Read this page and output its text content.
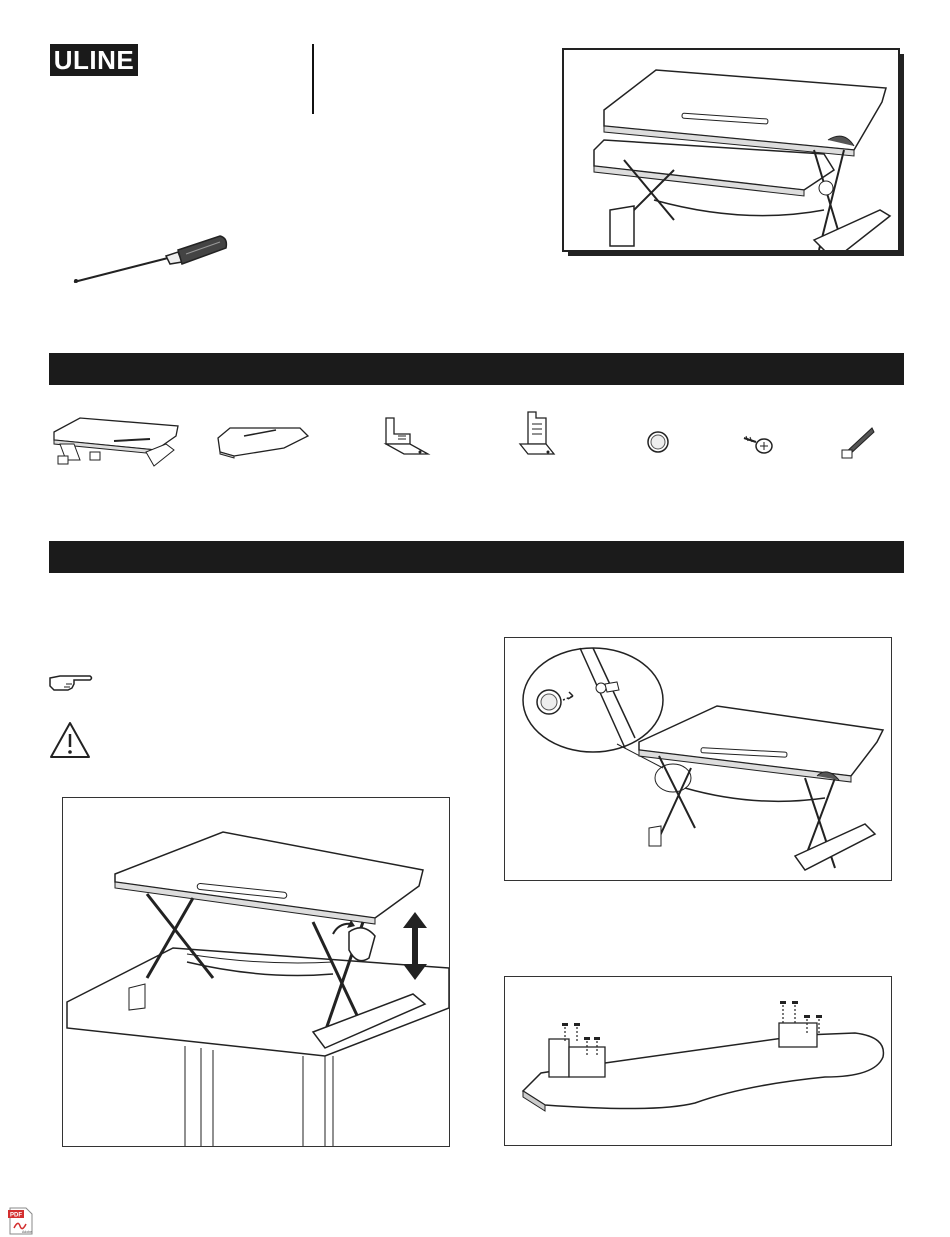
ULINE
PDF
Adobe
